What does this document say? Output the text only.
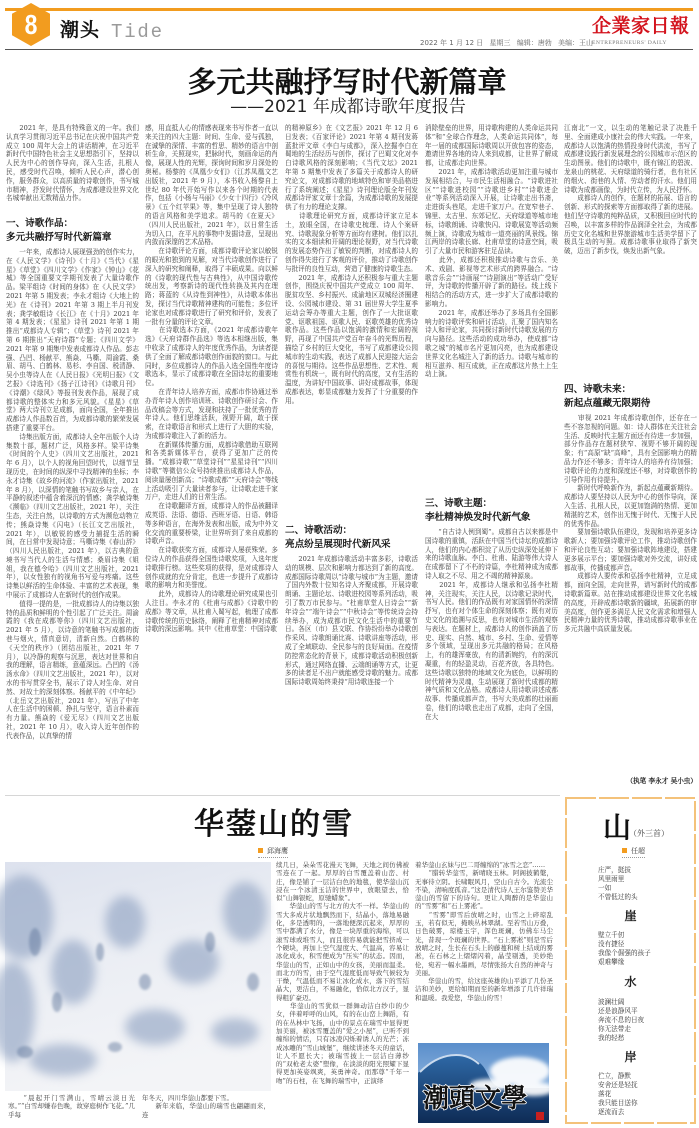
8	潮头 Tide	2022 年 1 月 12 日 星期三 编辑：唐勃 美编：王山
企業家日報
ENTREPRENEURS' DAILY
多元共融抒写时代新篇章
——2021 年成都诗歌年度报告
　　2021 年，是具有特殊意义的一年。我们认真学习贯彻习近平总书记在庆祝中国共产党成立 100 周年大会上的讲话精神，在习近平新时代中国特色社会主义思想指引下，坚持以人民为中心的创作导向，深入生活，扎根人民，感受时代召唤，倾听人民心声，潜心创作，服务群众，以高质量的诗歌创作，书写城市精神，抒发时代情怀，为成都建设世界文化名城奉献出无数精品力作。
一、诗歌作品：
多元共融抒写时代新篇章
　　一年来，成都诗人展现强劲的创作实力，在《人民文学》《诗刊》《十月》《当代》《星星》《草堂》《四川文学》《作家》《钟山》《花城》等全国重要文学期刊发表了大量诗歌作品。梁平组诗《时间的身体》在《人民文学》2021 年第 5 期发表；李永才组诗《大地上的光》在《诗刊》2021 年第 3 期上半月刊发表；龚学敏组诗《长江》在《十月》2021 年第 4 期发表；《星星》诗刊 2021 年第 1 期推出“成都诗人专辑”；《草堂》诗刊 2021 年第 6 期推出“天府诗群”专题；《四川文学》2021 年第 9 期集中发表成都诗人作品。彭志强、凸凹、杨献平、熊焱、马嘶、周渝霞、桑眉、胡马、白鹤林、易杉、李自国、税清静、吴小虫等诗人在《人民日报》《光明日报》《文艺报》《诗选刊》《扬子江诗刊》《诗歌月刊》《诗潮》《绿风》等报刊发表作品，展现了成都诗歌的整体实力和多元风貌。《星星》《草堂》两大诗刊立足成都，面向全国，全年推出成都诗人作品数百首，为成都诗歌的繁荣发展搭建了重要平台。
　　诗集出版方面，成都诗人全年出版个人诗集数十部，题材广泛，风格多样。梁平诗集《时间的个人史》（四川文艺出版社，2021 年 6 月），以个人的视角回望时代，以细节呈现历史，在时间的纵深中寻找精神的坐标；李永才诗集《故乡的河流》（作家出版社，2021 年 8 月），以深情的笔触书写故乡与亲人，在平静的叙述中蕴含着深沉的情感；龚学敏诗集《濒临》（四川文艺出版社，2021 年），关注生态，关注自然，以诗歌的方式为濒危动物立传；熊焱诗集《闪电》（长江文艺出版社，2021 年），以敏锐的感受力捕捉生活的瞬间，在日常中发现诗意；马嘶诗集《春山辞》（四川人民出版社，2021 年），以古典的意境书写当代人的生活与情感；桑眉诗集《姐姐，我在德令哈》（四川文艺出版社，2021 年），以女性独有的视角书写爱与疼痛。这些诗集以鲜活的生命体验、丰富的艺术表现，集中展示了成都诗人在新时代的创作成果。
　　值得一提的是，一批成都诗人的诗集以独特的品质和鲜明的个性引起了广泛关注。周渝霞的《我在成都等你》（四川文艺出版社，2021 年 5 月），以诗意的笔触书写成都的街巷与烟火，情真意切，清新自然。白鹤林的《天空的秩序》（团结出版社，2021 年 7 月），以冷静的观察与沉思，表达对世界和自我的理解，语言精练，意蕴深远。凸凹的《汤汤水命》（四川文艺出版社，2021 年），以对水的书写贯穿全书，展示了诗人对生命、对自然、对故土的深刻体察。杨献平的《中年纪》（北岳文艺出版社，2021 年），写出了中年人在生活中的困顿、挣扎与坚守，语言朴素而有力量。熊焱的《爱无尽》（四川文艺出版社，2021 年 10 月），收入诗人近年创作的代表作品，以真挚的情
感，用直抵人心的情感表现来书写作者一直以来关注的四大主题：时间、生命、爱与孤独，在诚挚的深情、丰富的哲思、精妙的语言中剖析生命，关照现实，把脉时代，刻画命运的肖像，展现人性的光辉，探询时间和岁月深处的奥秘。杨黎的《凤凰少女们》（江苏凤凰文艺出版社，2021 年 9 月），本书收入杨黎自上世纪 80 年代开始写作以来各个时期的代表作，包括《小杨与马丽》《少女十四行》《冷风景》《五个红苹果》等，集中呈现了诗人独特的语言风格和美学追求。胡马的《在夏天》（四川人民出版社，2021 年），以日常生活为切入口，在平凡的事物中发掘诗意，呈现出内敛而深邃的艺术品格。
　　在诗歌评论方面，成都诗歌评论家以敏锐的眼光和独到的见解，对当代诗歌创作进行了深入的研究和阐释，取得了丰硕成果。向以鲜的《诗歌的现代性与古典性》，从中国诗歌传统出发，考察新诗的现代性转换及其内在理路；蒋蓝的《从诗性到神性》，从诗歌本体出发，探讨当代诗歌精神建构的可能性；多位评论家也对成都诗歌进行了研究和评价，发表了一批有分量的评论文章。
　　在诗歌选本方面，《2021 年成都诗歌年选》《天府诗群作品选》等选本相继出版，集中收录了成都诗人的年度优秀作品，为读者提供了全面了解成都诗歌创作面貌的窗口。与此同时，多位成都诗人的作品入选全国性年度诗歌选本，显示了成都诗歌在全国诗坛的重要地位。
　　在青年诗人培养方面，成都市作协通过举办青年诗人创作培训班、诗歌创作研讨会、作品改稿会等方式，发现和扶持了一批优秀的青年诗人。他们思维活跃，视野开阔，敢于探索，在诗歌语言和形式上进行了大胆的实验，为成都诗歌注入了新的活力。
　　在新媒体传播方面，成都诗歌借助互联网和各类新媒体平台，获得了更加广泛的传播。“成都诗歌”“草堂诗刊”“星星诗刊”“四川诗歌”等微信公众号持续推出成都诗人作品，阅读量屡创新高；“诗歌成都”“天府诗会”等线上活动吸引了大量读者参与，让诗歌走进千家万户，走进人们的日常生活。
　　在诗歌翻译方面，成都诗人的作品被翻译成英语、法语、德语、西班牙语、日语、韩语等多种语言，在海外发表和出版，成为中外文化交流的重要桥梁，让世界听到了来自成都的诗歌声音。
　　在诗歌获奖方面，成都诗人屡获殊荣。多位诗人的作品获得全国性诗歌奖项，入选年度诗歌排行榜。这些奖项的获得，是对成都诗人创作成就的充分肯定，也进一步提升了成都诗歌的影响力和美誉度。
　　此外，成都诗人的诗歌理论研究成果也引人注目。李永才的《杜甫与成都》《诗歌中的成都》等文章，从杜甫入蜀写起，梳理了成都诗歌传统的历史脉络，阐释了杜甫精神对成都诗歌的深远影响。其中《杜甫草堂：中国诗歌
的精神原乡》在《文艺报》2021 年 12 月 6 日发表；《百家评论》2021 年第 4 期刊发蒋蓝批评文章《李白与成都》，深入挖掘李白在蜀地的生活经历与创作，探讨了巴蜀文化对李白诗歌风格的深刻影响；《当代文坛》2021 年第 5 期集中发表了多篇关于成都诗人的研究论文，对成都诗歌的地域特色和审美品格进行了系统阐述；《星星》诗刊理论版全年刊发成都诗评家文章十余篇，为成都诗歌的发展提供了有力的理论支撑。
　　诗歌理论研究方面，成都诗评家立足本土，放眼全国，在诗歌史梳理、诗人个案研究、诗歌现象分析等方面均有建树。他们以扎实的文本细读和开阔的理论视野，对当代诗歌的发展态势作出了敏锐的判断，对成都诗人的创作得失进行了客观的评价，推动了诗歌创作与批评的良性互动，营造了健康的诗歌生态。
　　2021 年，成都诗人还积极参与重大主题创作，围绕庆祝中国共产党成立 100 周年、脱贫攻坚、乡村振兴、成渝地区双城经济圈建设、公园城市建设、第 31 届世界大学生夏季运动会筹办等重大主题，创作了一大批讴歌党、讴歌祖国、讴歌人民、讴歌英雄的优秀诗歌作品。这些作品以饱满的激情和宏阔的视野，再现了中国共产党百年奋斗的光辉历程，描绘了乡村的巨大变化，书写了成都建设公园城市的生动实践，表达了成都人民迎接大运会的喜悦与期待。这些作品思想性、艺术性、观赏性有机统一，既有时代的高度，又有生活的温度，为讲好中国故事、讲好成都故事，体现成都表达，彰显成都魅力发挥了十分重要的作用。
二、诗歌活动：
亮点纷呈展现时代新风采
　　2021 年成都诗歌活动丰富多彩，诗歌活动的规模、层次和影响力都达到了新的高度。成都国际诗歌周以“诗歌与城市”为主题，邀请了国内外数十位知名诗人齐聚成都，开展诗歌朗诵、主题论坛、诗歌进校园等系列活动，吸引了数万市民参与。“杜甫草堂人日诗会”“新年诗会”“端午诗会”“中秋诗会”等传统诗会持续举办，成为成都市民文化生活中的重要节日。各区（市）县文联、作协纷纷举办诗歌创作采风、诗歌朗诵比赛、诗歌讲座等活动，形成了全域联动、全民参与的良好局面。在疫情防控常态化的背景下，成都诗歌活动积极创新形式，通过网络直播、云端朗诵等方式，让更多的读者足不出户就能感受诗歌的魅力。成都国际诗歌周始终秉持“用诗歌连接一个
消除壁垒的世界，用诗歌构建的人类命运共同体”和“全球合作理念，人类命运共同体”，每年一届的成都国际诗歌周以开放包容的姿态，邀请世界各地的诗人来到成都，让世界了解成都，让成都走向世界。
　　2021 年，成都诗歌活动更加注重与城市发展相结合，与市民生活相融合。“诗歌进社区”“诗歌进校园”“诗歌进乡村”“诗歌进企业”等系列活动深入开展，让诗歌走出书斋，走进街头巷尾，走进千家万户。在宽窄巷子、锦里、太古里、东郊记忆、天府绿道等城市地标，诗歌朗诵、诗歌快闪、诗歌展览等活动频频上演，诗歌成为城市一道亮丽的风景线。锦江两岸的诗歌长廊、杜甫草堂的诗意空间，吸引了大量市民和游客驻足品读。
　　此外，成都还积极推动诗歌与音乐、美术、戏剧、影视等艺术形式的跨界融合。“诗歌音乐会”“诗画展”“诗剧演出”等活动广受好评，为诗歌的传播开辟了新的路径。线上线下相结合的活动方式，进一步扩大了成都诗歌的影响力。
　　2021 年，成都还举办了多场具有全国影响力的诗歌评奖和研讨活动，汇聚了国内知名诗人和评论家，共同探讨新时代诗歌发展的方向与路径。这些活动的成功举办，使成都“诗歌之城”的城市名片更加闪亮，也为成都建设世界文化名城注入了新的活力。诗歌与城市的相互滋养、相互成就，正在成都这片热土上生动上演。
三、诗歌主题：
李杜精神焕发时代新气象
　　“自古诗人例到蜀”。成都自古以来都是中国诗歌的重镇，活跃在中国当代诗坛的成都诗人，他们的内心都积淀了从历史纵深处延伸下来的诗歌血脉。李白、杜甫、陆游等伟大诗人在成都留下了不朽的诗篇，李杜精神成为成都诗人取之不尽、用之不竭的精神源泉。
　　2021 年，成都诗人继承和弘扬李杜精神，关注现实，关注人民，以诗歌记录时代，书写人民。他们的作品既有对家国情怀的深情抒写，也有对个体生命的深刻体察；既有对历史文化的追溯与反思，也有对城市生活的观察与表达。在题材上，成都诗人的创作涵盖了历史、现实、自然、城市、乡村、生命、爱情等多个领域，呈现出多元共融的格局；在风格上，有的雄浑豪放，有的清新婉约，有的深沉凝重，有的轻盈灵动，百花齐放，各具特色。这些诗歌以独特的地域文化为底色，以鲜明的时代精神为灵魂，生动展现了新时代成都的精神气质和文化品格。成都诗人用诗歌讲述成都故事、传播成都声音，书写大美成都的壮丽画卷，他们的诗歌也走出了成都，走向了全国，在大
江南北”一文，以生动的笔触记录了决胜千里、全面建成小康社会的伟大实践。一年来，成都诗人以饱满的热情投身时代洪流，书写了成都建设践行新发展理念的公园城市示范区的生动图景。他们的诗歌中，既有锦江的碧波、龙泉山的桃花、天府绿道的骑行者，也有社区的烟火、街巷的人情、劳动者的汗水。他们用诗歌为成都画像，为时代立传，为人民抒怀。
　　成都诗人的创作，在题材的拓展、语言的创新、形式的探索等方面都取得了新的进展。他们坚守诗歌的纯粹品质，又积极回应时代的召唤，以丰富多样的作品润泽全社会，为成都历史文化名城和世界旅游城市生活美学留下了极具生动的写照。成都诗歌事业取得了新突破，迈出了新步伐，焕发出新气象。
四、诗歌未来：
新起点蕴藏无限期待
　　审视 2021 年成都诗歌创作，还存在一些不容忽视的问题。如：诗人群体在关注社会生活、反映时代主题方面还有待进一步加强，部分作品存在题材狭窄、视野不够开阔的现象；有“高原”缺“高峰”，具有全国影响力的精品力作还不够多；青年诗人的培养有待加强；诗歌评论的力度和深度还不够，对诗歌创作的引导作用有待提升。
　　新时代呼唤新作为，新起点蕴藏新期待。成都诗人要坚持以人民为中心的创作导向，深入生活、扎根人民，以更加饱满的热情、更加精湛的艺术，创作出无愧于时代、无愧于人民的优秀作品。
　　要加强诗歌队伍建设，发现和培养更多诗歌新人；要加强诗歌评论工作，推动诗歌创作和评论良性互动；要加强诗歌阵地建设，搭建更多展示平台；要加强诗歌对外交流，讲好成都故事，传播成都声音。
　　成都诗人要传承和弘扬李杜精神，立足成都，面向全国，走向世界，谱写新时代的成都诗歌新篇章。站在推动成都建设世界文化名城的高度，开辟成都诗歌新的疆域，拓展新的审美高度，创作更多满足人民文化需求和增强人民精神力量的优秀诗歌，推动成都诗歌事业在多元共融中高质量发展。
（执笔 李永才 吴小虫）
华蓥山的雪
邱海鹰
　　“晨起开门雪满山，雪晴云淡日光寒。”“白雪却嫌春色晚，故穿庭树作飞花。”几乎每
年冬天，四川华蓥山都要下雪。
　　新年来临，华蓥山的瑞雪也翩翩而来，连
续几日，朵朵雪花漫天飞舞，天地之间仿佛被雪连在了一起。厚厚的白雪覆盖着山峦、村庄，像是铺了一层洁白色的地毯，使华蓥山沉浸在一个冰清玉洁的世界中，放眼望去，恰似“山舞银蛇，原驰蜡象”。
　　华蓥山的雪与北方的大不一样。华蓥山的雪大多成片状地飘然而下，结晶小，落地易融化，多是透明的，一落地便深沉起来，厚厚的雪中都满了水分，像是一块厚重的海绵，可以滚雪球或堆雪人，而且很容易就能把雪挤成一个硬块，再加上空气湿度大、气温高，容易让冰化成水，积雪便成为“压实”的状态。因而，华蓥山的雪，正如山中的女孩，美丽而温柔。而北方的雪，由于空气湿度低而导致气候较为干燥，气温低而不易让冰化成水，落下的雪结晶大，更洁白，不易融化，恰似北方汉子，显得粗犷豪迈。
　　华蓥山的雪犹似一群舞动洁白纱巾的少女，伴着呼呼的山风，有的在山峦上舞蹈，有的在丛林中飞扬，山中的景点在瑞雪中显得更加美丽，被冰雪覆盖的“爱之小屋”，已听不到缠绵的情话，只有冰凌闪烁着诱人的光芒；冻成冰雕的“雪山城堡”，继续讲述冬天的童话，让人不愿长大；被瑞雪披上一层洁白薄纱的“双枪老太婆”塑像，在淡淡的阳光照耀下显得更加英姿飒爽，英勇神奇。而那尊“千年一吻”的石柱，在飞舞的瑞雪中，正演绎
着华蓥山玄妹与巴二哥缠绵的“冰雪之恋”……
　　“腊转华蓥雪，新晴晓玉林。阿阁披鹤氅，无事待立阴。长啸眠风月，空山自古今。光流尘不染，清响度孤音。”这是清代诗人王尔鉴赞美华蓥山的雪留下的诗句。更让人陶醉的是华蓥山的“雪雾”和“石上雾凇”。
　　“雪雾”即雪后放晴之时，山雪之上碎琼乱玉，若有似无，掩映丛林翠湖。至若雪山万叠，日色破雾，琼楼玉宇，浑色斑斓，仿佛车马尘光，昔现一个斑斓的世界。“石上雾凇”则是雪后放晴之时，生长在石头上的藤蔓和树上结成的雾凇，在石林之上熠熠闪着，晶莹剔透，美妙绝伦，宛若一幅水墨画，尽情张扬大自然的神奇与美丽。
　　华蓥山的雪，给这座英雄的山平添了几份圣洁和美妙，更给如期而至的新年增添了几许祥瑞和温暖。我爱您，华蓥山的雪！
潮頭文學
山
（外三首）
任超
庄严，挺拔
风里雨里
一如
不曾低过的头
崖
壁立千仞
没有捷径
我像个倔强的孩子
艰难攀缘
水
波澜壮阔
还是浪静风平
奔流不息的日夜
你无法带走
我的轻愁
岸
伫立，静默
安舍还是轻抚
落花
我只能目送你
逐流而去
